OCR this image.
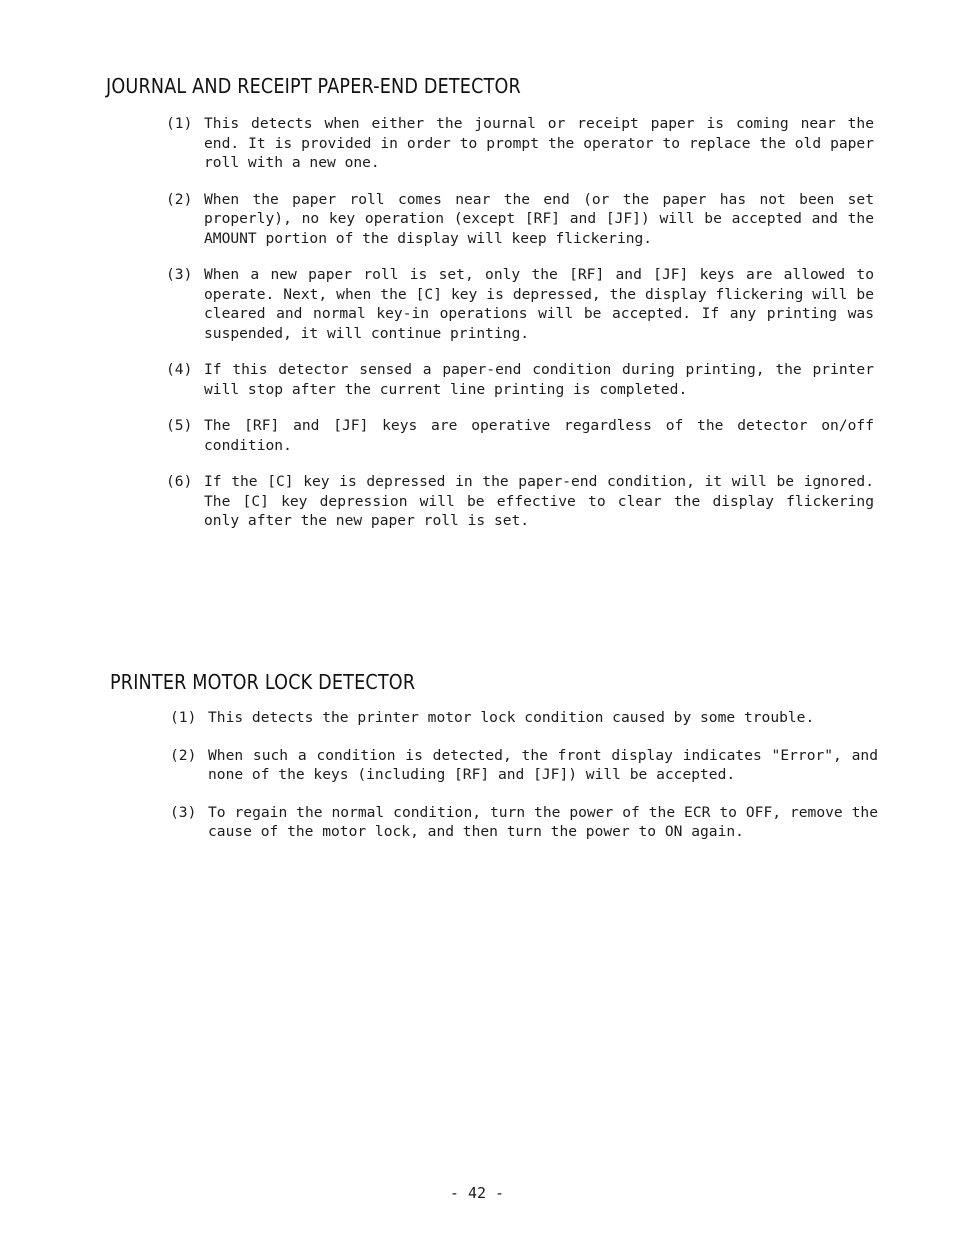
JOURNAL AND RECEIPT PAPER-END DETECTOR
(1) This detects when either the journal or receipt paper is coming near the end. It is provided in order to prompt the operator to replace the old paper roll with a new one.
(2) When the paper roll comes near the end (or the paper has not been set properly), no key operation (except [RF] and [JF]) will be accepted and the AMOUNT portion of the display will keep flickering.
(3) When a new paper roll is set, only the [RF] and [JF] keys are allowed to operate. Next, when the [C] key is depressed, the display flickering will be cleared and normal key-in operations will be accepted. If any printing was suspended, it will continue printing.
(4) If this detector sensed a paper-end condition during printing, the printer will stop after the current line printing is completed.
(5) The [RF] and [JF] keys are operative regardless of the detector on/off condition.
(6) If the [C] key is depressed in the paper-end condition, it will be ignored. The [C] key depression will be effective to clear the display flickering only after the new paper roll is set.
PRINTER MOTOR LOCK DETECTOR
(1) This detects the printer motor lock condition caused by some trouble.
(2) When such a condition is detected, the front display indicates "Error", and none of the keys (including [RF] and [JF]) will be accepted.
(3) To regain the normal condition, turn the power of the ECR to OFF, remove the cause of the motor lock, and then turn the power to ON again.
- 42 -
